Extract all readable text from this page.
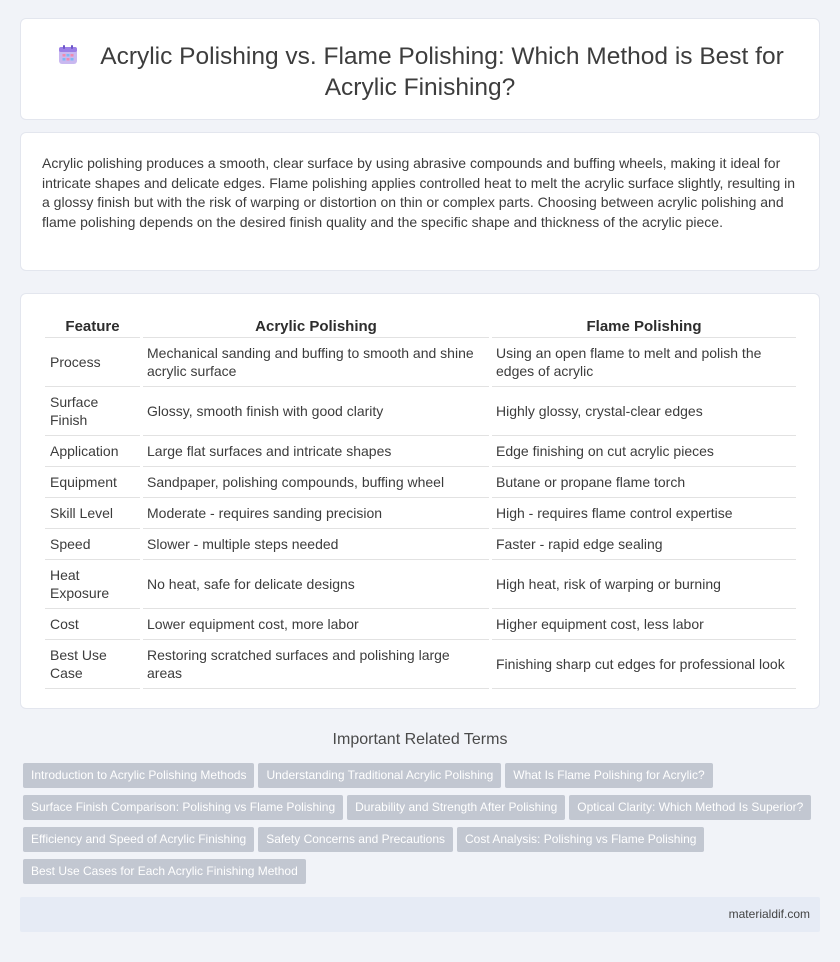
Acrylic Polishing vs. Flame Polishing: Which Method is Best for Acrylic Finishing?

Acrylic polishing produces a smooth, clear surface by using abrasive compounds and buffing wheels, making it ideal for intricate shapes and delicate edges. Flame polishing applies controlled heat to melt the acrylic surface slightly, resulting in a glossy finish but with the risk of warping or distortion on thin or complex parts. Choosing between acrylic polishing and flame polishing depends on the desired finish quality and the specific shape and thickness of the acrylic piece.

Feature	Acrylic Polishing	Flame Polishing
Process	Mechanical sanding and buffing to smooth and shine acrylic surface	Using an open flame to melt and polish the edges of acrylic
Surface Finish	Glossy, smooth finish with good clarity	Highly glossy, crystal-clear edges
Application	Large flat surfaces and intricate shapes	Edge finishing on cut acrylic pieces
Equipment	Sandpaper, polishing compounds, buffing wheel	Butane or propane flame torch
Skill Level	Moderate - requires sanding precision	High - requires flame control expertise
Speed	Slower - multiple steps needed	Faster - rapid edge sealing
Heat Exposure	No heat, safe for delicate designs	High heat, risk of warping or burning
Cost	Lower equipment cost, more labor	Higher equipment cost, less labor
Best Use Case	Restoring scratched surfaces and polishing large areas	Finishing sharp cut edges for professional look
Important Related Terms
Introduction to Acrylic Polishing Methods Understanding Traditional Acrylic Polishing What Is Flame Polishing for Acrylic?
Surface Finish Comparison: Polishing vs Flame Polishing Durability and Strength After Polishing Optical Clarity: Which Method Is Superior?
Efficiency and Speed of Acrylic Finishing Safety Concerns and Precautions Cost Analysis: Polishing vs Flame Polishing
Best Use Cases for Each Acrylic Finishing Method
materialdif.com
